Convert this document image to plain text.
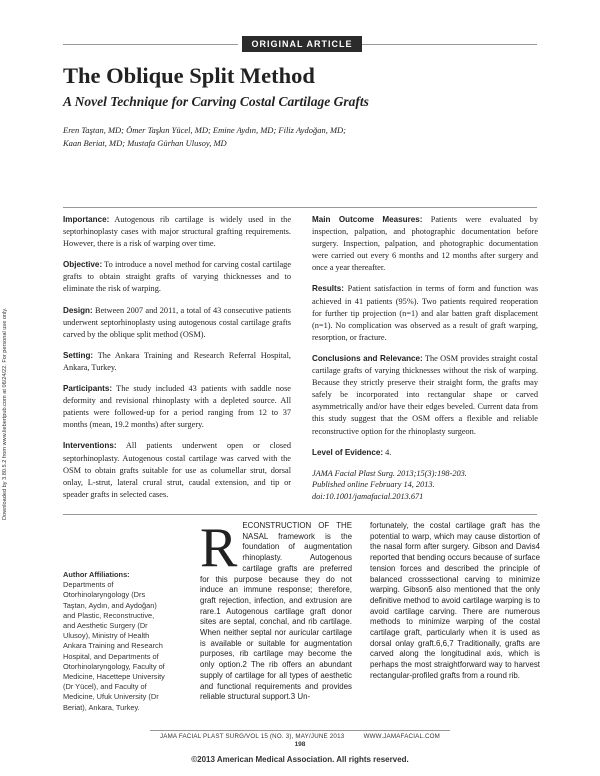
Downloaded by 3.80.5.2 from www.liebertpub.com at 06/24/22. For personal use only.
ORIGINAL ARTICLE
The Oblique Split Method
A Novel Technique for Carving Costal Cartilage Grafts
Eren Taştan, MD; Ömer Taşkın Yücel, MD; Emine Aydın, MD; Filiz Aydoğan, MD;
Kaan Beriat, MD; Mustafa Gürhan Ulusoy, MD

Importance: Autogenous rib cartilage is widely used in the septorhinoplasty cases with major structural grafting requirements. However, there is a risk of warping over time.

Objective: To introduce a novel method for carving costal cartilage grafts to obtain straight grafts of varying thicknesses and to eliminate the risk of warping.

Design: Between 2007 and 2011, a total of 43 consecutive patients underwent septorhinoplasty using autogenous costal cartilage grafts carved by the oblique split method (OSM).

Setting: The Ankara Training and Research Referral Hospital, Ankara, Turkey.

Participants: The study included 43 patients with saddle nose deformity and revisional rhinoplasty with a depleted source. All patients were followed-up for a period ranging from 12 to 37 months (mean, 19.2 months) after surgery.

Interventions: All patients underwent open or closed septorhinoplasty. Autogenous costal cartilage was carved with the OSM to obtain grafts suitable for use as columellar strut, dorsal onlay, L-strut, lateral crural strut, caudal extension, and tip or speader grafts in selected cases.

Main Outcome Measures: Patients were evaluated by inspection, palpation, and photographic documentation before surgery. Inspection, palpation, and photographic documentation were carried out every 6 months and 12 months after surgery and once a year thereafter.

Results: Patient satisfaction in terms of form and function was achieved in 41 patients (95%). Two patients required reoperation for further tip projection (n=1) and alar batten graft displacement (n=1). No complication was observed as a result of graft warping, resorption, or fracture.

Conclusions and Relevance: The OSM provides straight costal cartilage grafts of varying thicknesses without the risk of warping. Because they strictly preserve their straight form, the grafts may safely be incorporated into rectangular shape or carved asymmetrically and/or have their edges beveled. Current data from this study suggest that the OSM offers a flexible and reliable reconstructive option for the rhinoplasty surgeon.

Level of Evidence: 4.

JAMA Facial Plast Surg. 2013;15(3):198-203.
Published online February 14, 2013.
doi:10.1001/jamafacial.2013.671
Author Affiliations:
Departments of Otorhinolaryngology (Drs Taştan, Aydın, and Aydoğan) and Plastic, Reconstructive, and Aesthetic Surgery (Dr Ulusoy), Ministry of Health Ankara Training and Research Hospital, and Departments of Otorhinolaryngology, Faculty of Medicine, Hacettepe University (Dr Yücel), and Faculty of Medicine, Ufuk University (Dr Beriat), Ankara, Turkey.
RECONSTRUCTION OF THE NASAL framework is the foundation of augmentation rhinoplasty. Autogenous cartilage grafts are preferred for this purpose because they do not induce an immune response; therefore, graft rejection, infection, and extrusion are rare.1 Autogenous cartilage graft donor sites are septal, conchal, and rib cartilage. When neither septal nor auricular cartilage is available or suitable for augmentation purposes, rib cartilage may become the only option.2 The rib offers an abundant supply of cartilage for all types of aesthetic and functional requirements and provides reliable structural support.3 Un-
fortunately, the costal cartilage graft has the potential to warp, which may cause distortion of the nasal form after surgery. Gibson and Davis4 reported that bending occurs because of surface tension forces and described the principle of balanced crosssectional carving to minimize warping. Gibson5 also mentioned that the only definitive method to avoid cartilage warping is to avoid cartilage carving. There are numerous methods to minimize warping of the costal cartilage graft, particularly when it is used as dorsal onlay graft.6,6,7 Traditionally, grafts are carved along the longitudinal axis, which is perhaps the most straightforward way to harvest rectangular-profiled grafts from a round rib.
JAMA FACIAL PLAST SURG/VOL 15 (NO. 3), MAY/JUNE 2013	WWW.JAMAFACIAL.COM
198
©2013 American Medical Association. All rights reserved.
